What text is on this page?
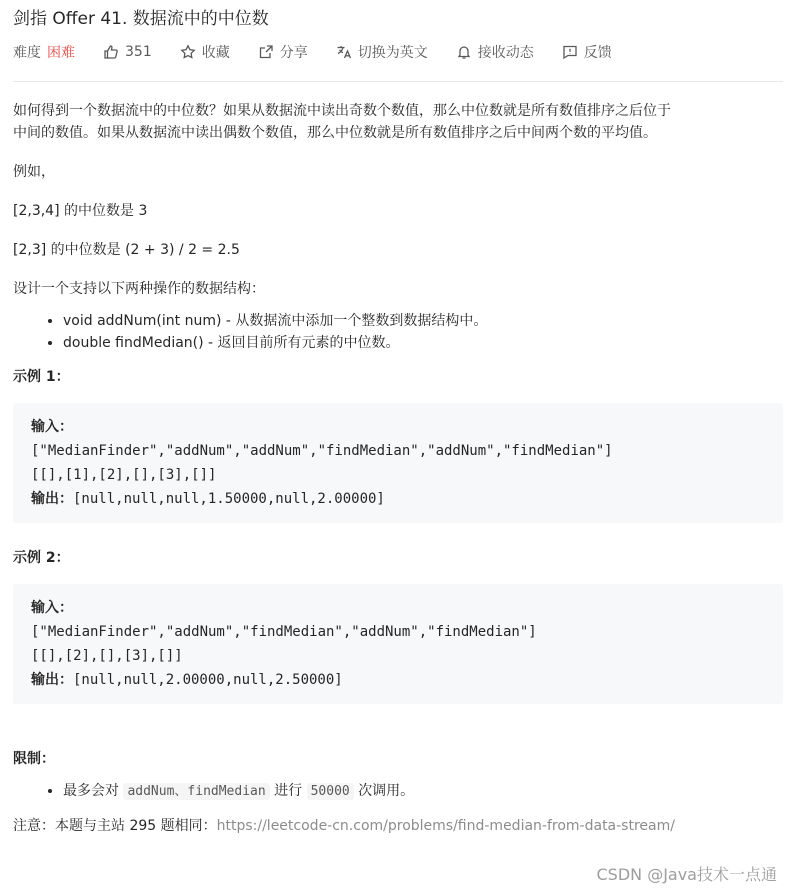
剑指 Offer 41. 数据流中的中位数
难度 困难	351	收藏	分享	切换为英文	接收动态	反馈

如何得到一个数据流中的中位数？如果从数据流中读出奇数个数值，那么中位数就是所有数值排序之后位于

中间的数值。如果从数据流中读出偶数个数值，那么中位数就是所有数值排序之后中间两个数的平均值。

例如，

[2,3,4] 的中位数是 3

[2,3] 的中位数是 (2 + 3) / 2 = 2.5

设计一个支持以下两种操作的数据结构：

• void addNum(int num) - 从数据流中添加一个整数到数据结构中。
• double findMedian() - 返回目前所有元素的中位数。
示例 1：
输入：
["MedianFinder","addNum","addNum","findMedian","addNum","findMedian"]
[[],[1],[2],[],[3],[]]
输出：[null,null,null,1.50000,null,2.00000]
示例 2：
输入：
["MedianFinder","addNum","findMedian","addNum","findMedian"]
[[],[2],[],[3],[]]
输出：[null,null,2.00000,null,2.50000]
限制：
• 最多会对 addNum、findMedian 进行 50000 次调用。
注意：本题与主站 295 题相同：https://leetcode-cn.com/problems/find-median-from-data-stream/
CSDN @Java技术一点通
